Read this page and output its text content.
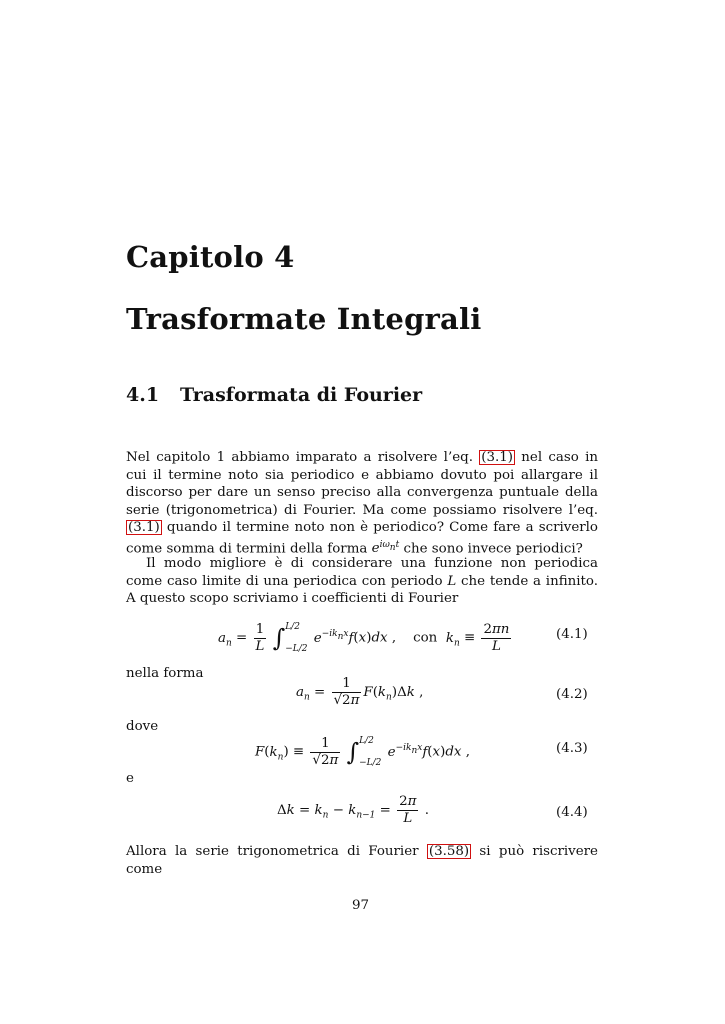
Capitolo 4
Trasformate Integrali
4.1 Trasformata di Fourier
Nel capitolo 1 abbiamo imparato a risolvere l’eq. (3.1) nel caso in cui il termine noto sia periodico e abbiamo dovuto poi allargare il discorso per dare un senso preciso alla convergenza puntuale della serie (trigonometrica) di Fourier. Ma come possiamo risolvere l’eq. (3.1) quando il termine noto non è periodico? Come fare a scriverlo come somma di termini della forma $e^{i\omega_nt}$ che sono invece periodici?
Il modo migliore è di considerare una funzione non periodica come caso limite di una periodica con periodo L che tende a infinito. A questo scopo scriviamo i coefficienti di Fourier
$a_n = \frac{1}{L}$ ∫ L/2
−L/2
$e^{-ik_nx}f(x)dx$ ,    con $k_n \equiv \frac{2\pi n}{L}$	(4.1)
nella forma
$a_n = \frac{1}{√2\pi} F(k_n)\Delta k$ ,	(4.2)
dove
$F(k_n) \equiv \frac{1}{√2\pi}$ ∫ L/2
−L/2
$e^{-ik_nx}f(x)dx$ ,	(4.3)
e
$\Delta k = k_n - k_{n-1} = \frac{2\pi}{L}$ .	(4.4)
Allora la serie trigonometrica di Fourier (3.58) si può riscrivere come
97
